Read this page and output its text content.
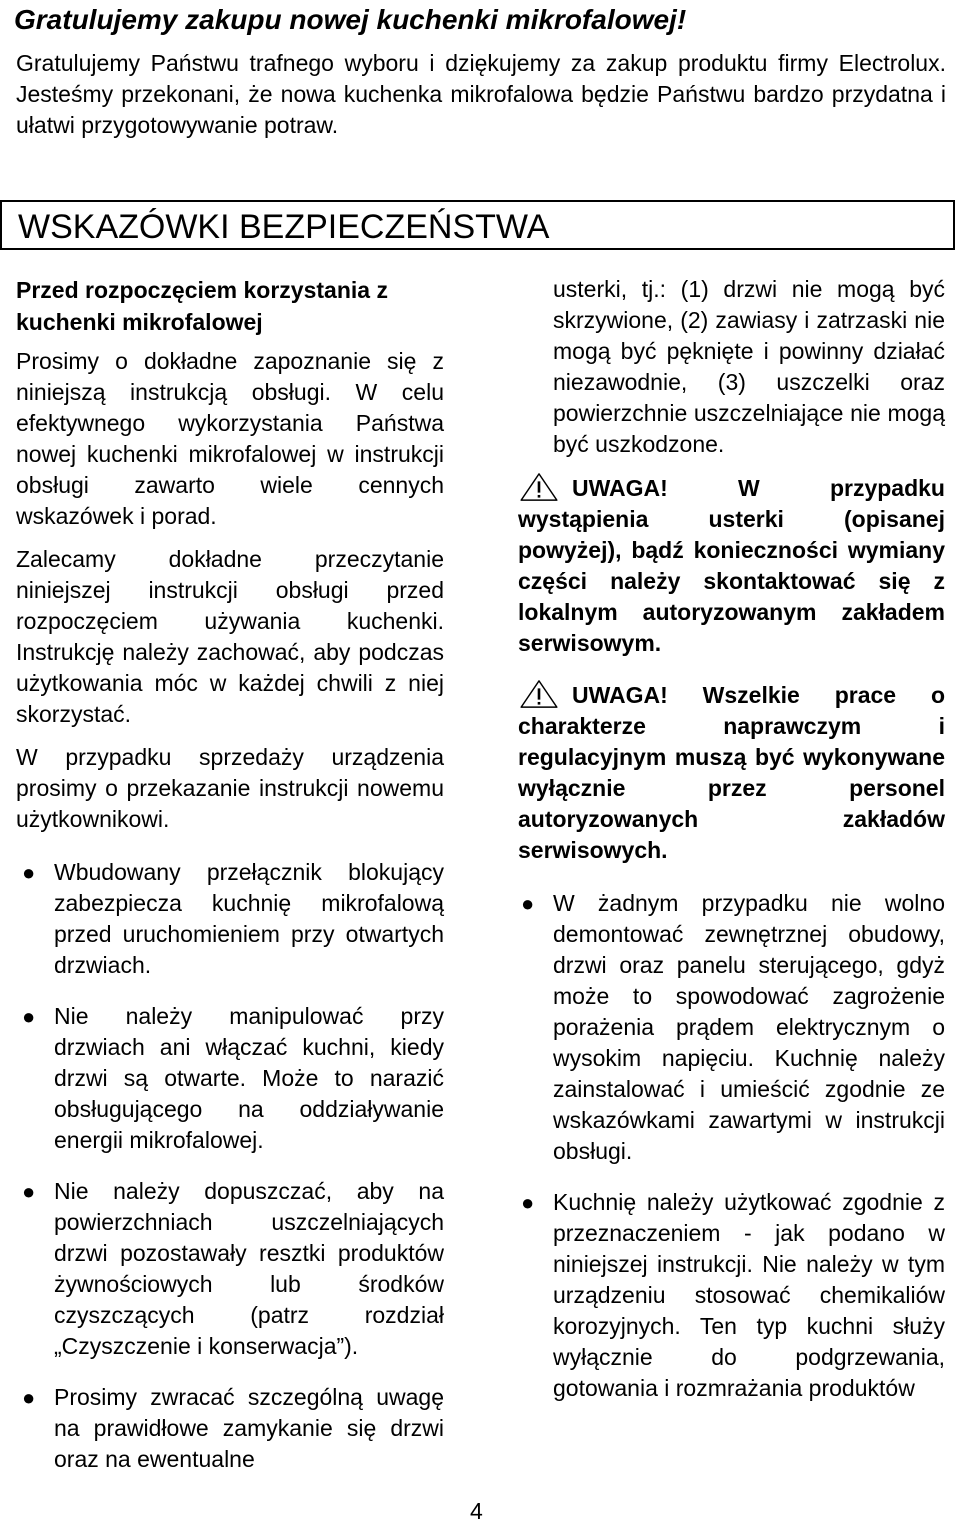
Gratulujemy zakupu nowej kuchenki mikrofalowej!

Gratulujemy Państwu trafnego wyboru i dziękujemy za zakup produktu firmy Electrolux. Jesteśmy przekonani, że nowa kuchenka mikrofalowa będzie Państwu bardzo przydatna i ułatwi przygotowywanie potraw.

WSKAZÓWKI BEZPIECZEŃSTWA
Przed rozpoczęciem korzystania z kuchenki mikrofalowej

Prosimy o dokładne zapoznanie się z niniejszą instrukcją obsługi. W celu efektywnego wykorzystania Państwa nowej kuchenki mikrofalowej w instrukcji obsługi zawarto wiele cennych wskazówek i porad.

Zalecamy dokładne przeczytanie niniejszej instrukcji obsługi przed rozpoczęciem używania kuchenki. Instrukcję należy zachować, aby podczas użytkowania móc w każdej chwili z niej skorzystać.

W przypadku sprzedaży urządzenia prosimy o przekazanie instrukcji nowemu użytkownikowi.

● Wbudowany przełącznik blokujący zabezpiecza kuchnię mikrofalową przed uruchomieniem przy otwartych drzwiach.
● Nie należy manipulować przy drzwiach ani włączać kuchni, kiedy drzwi są otwarte. Może to narazić obsługującego na oddziaływanie energii mikrofalowej.
● Nie należy dopuszczać, aby na powierzchniach uszczelniających drzwi pozostawały resztki produktów żywnościowych lub środków czyszczących (patrz rozdział „Czyszczenie i konserwacja”).
● Prosimy zwracać szczególną uwagę na prawidłowe zamykanie się drzwi oraz na ewentualne

usterki, tj.: (1) drzwi nie mogą być skrzywione, (2) zawiasy i zatrzaski nie mogą być pęknięte i powinny działać niezawodnie, (3) uszczelki oraz powierzchnie uszczelniające nie mogą być uszkodzone.

UWAGA! W przypadku wystąpienia usterki (opisanej powyżej), bądź konieczności wymiany części należy skontaktować się z lokalnym autoryzowanym zakładem serwisowym.
UWAGA! Wszelkie prace o charakterze naprawczym i regulacyjnym muszą być wykonywane wyłącznie przez personel autoryzowanych zakładów serwisowych.
● W żadnym przypadku nie wolno demontować zewnętrznej obudowy, drzwi oraz panelu sterującego, gdyż może to spowodować zagrożenie porażenia prądem elektrycznym o wysokim napięciu. Kuchnię należy zainstalować i umieścić zgodnie ze wskazówkami zawartymi w instrukcji obsługi.
● Kuchnię należy użytkować zgodnie z przeznaczeniem - jak podano w niniejszej instrukcji. Nie należy w tym urządzeniu stosować chemikaliów korozyjnych. Ten typ kuchni służy wyłącznie do podgrzewania, gotowania i rozmrażania produktów
4
